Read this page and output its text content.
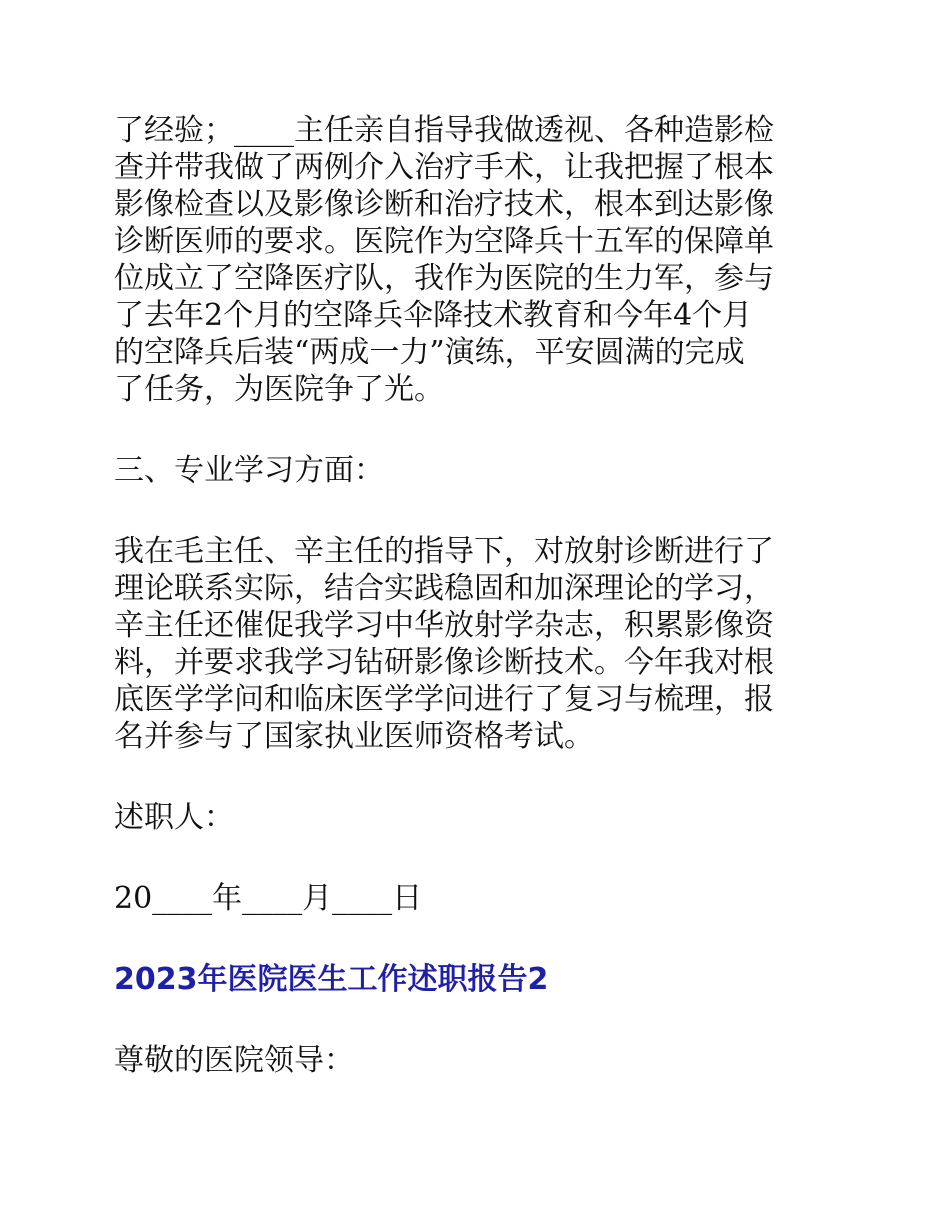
了经验；____主任亲自指导我做透视、各种造影检
查并带我做了两例介入治疗手术，让我把握了根本
影像检查以及影像诊断和治疗技术，根本到达影像
诊断医师的要求。医院作为空降兵十五军的保障单
位成立了空降医疗队，我作为医院的生力军，参与
了去年2个月的空降兵伞降技术教育和今年4个月
的空降兵后装“两成一力”演练，平安圆满的完成
了任务，为医院争了光。
三、专业学习方面：
我在毛主任、辛主任的指导下，对放射诊断进行了
理论联系实际，结合实践稳固和加深理论的学习，
辛主任还催促我学习中华放射学杂志，积累影像资
料，并要求我学习钻研影像诊断技术。今年我对根
底医学学问和临床医学学问进行了复习与梳理，报
名并参与了国家执业医师资格考试。
述职人：
20____年____月____日
2023年医院医生工作述职报告2
尊敬的医院领导：
